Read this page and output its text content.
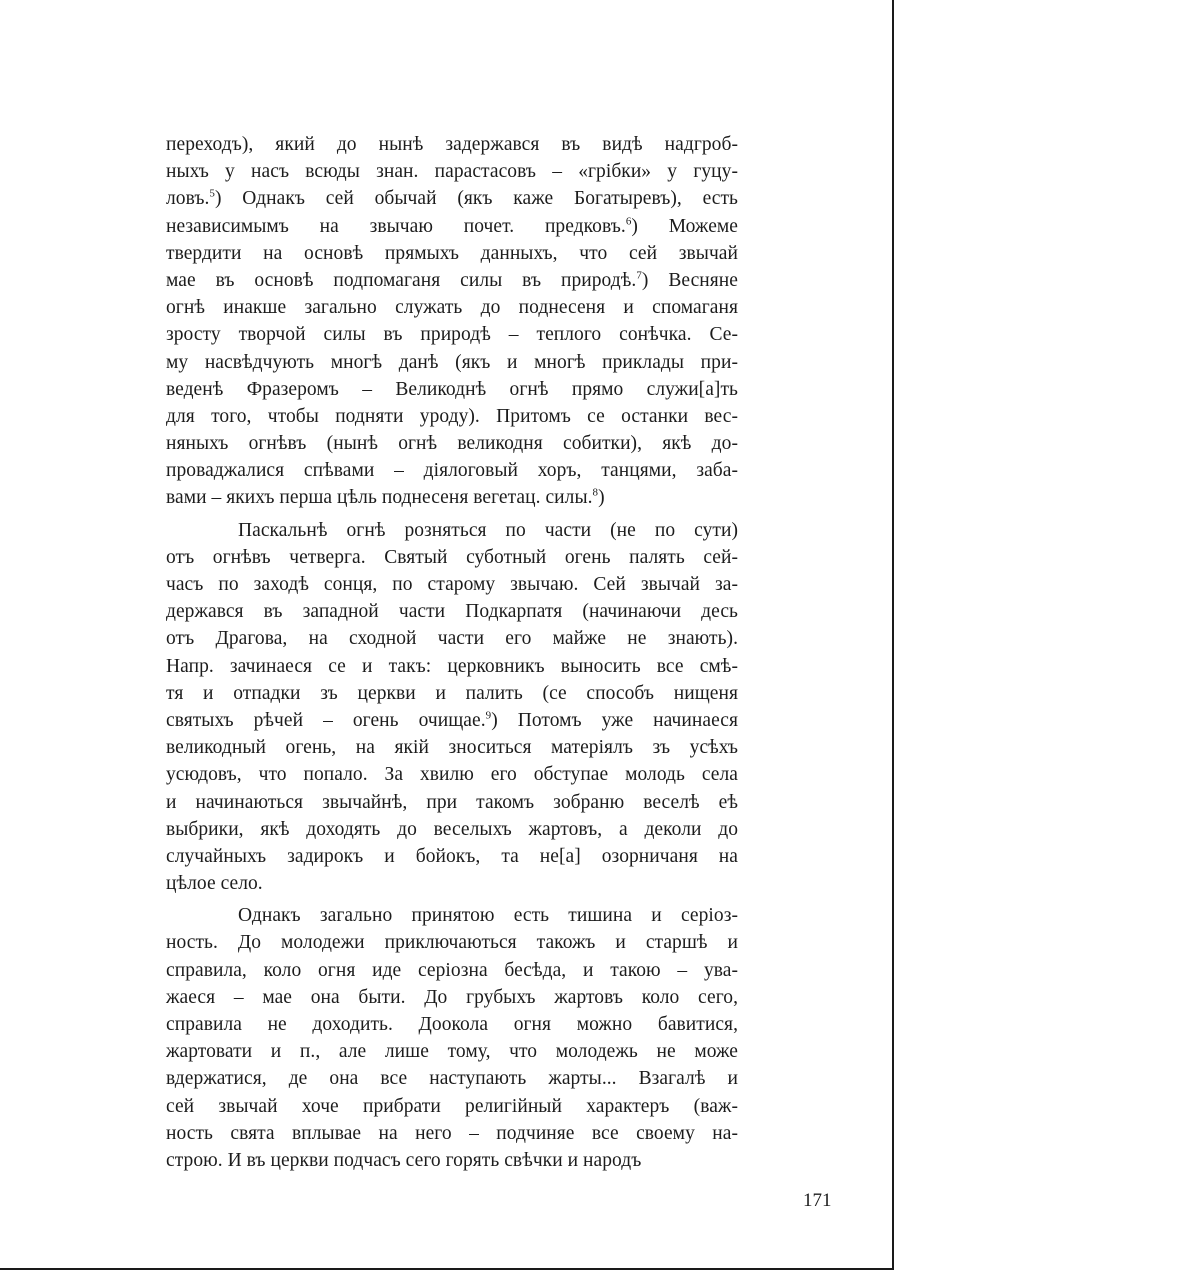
переходъ), який до нынѣ задержався въ видѣ надгроб-
ныхъ у насъ всюды знан. парастасовъ – «грібки» у гуцу-
ловъ.$^5$) Однакъ сей обычай (якъ каже Богатыревъ), есть
независимымъ на звычаю почет. предковъ.$^6$) Можеме
твердити на основѣ прямыхъ данныхъ, что сей звычай
мае въ основѣ подпомаганя силы въ природѣ.$^7$) Весняне
огнѣ инакше загально служать до поднесеня и спомаганя
зросту творчой силы въ природѣ – теплого сонѣчка. Се-
му насвѣдчують многѣ данѣ (якъ и многѣ приклады при-
веденѣ Фразеромъ – Великоднѣ огнѣ прямо служи[а]ть
для того, чтобы подняти уроду). Притомъ се останки вес-
няныхъ огнѣвъ (нынѣ огнѣ великодня собитки), якѣ до-
проваджалися спѣвами – діялоговый хоръ, танцями, забa-
вами – якихъ перша цѣль поднесеня вегетац. силы.$^8$)
Паскальнѣ огнѣ розняться по части (не по сути)
отъ огнѣвъ четверга. Святый суботный огень палять сей-
часъ по заходѣ сонця, по старому звычаю. Сей звычай за-
держався въ западной части Подкарпатя (начинаючи десь
отъ Драгова, на сходной части его майже не знають).
Напр. зачинаеся се и такъ: церковникъ выносить все смѣ-
тя и отпадки зъ церкви и палить (се способъ нищеня
святыхъ рѣчей – огень очищае.$^9$) Потомъ уже начинаеся
великодный огень, на якій зноситься матеріялъ зъ усѣхъ
усюдовъ, что попало. За хвилю его обступае молодь села
и начинаються звычайнѣ, при такомъ зобраню веселѣ еѣ
выбрики, якѣ доходять до веселыхъ жартовъ, а деколи до
случайныхъ задирокъ и бойокъ, та не[а] озорничаня на
цѣлое село.
Однакъ загально принятою есть тишина и серіоз-
ность. До молодежи приключаються такожъ и старшѣ и
справила, коло огня иде серіозна бесѣда, и такою – ува-
жаеся – мае она быти. До грубыхъ жартовъ коло сего,
справила не доходить. Доокола огня можно бавитися,
жартовати и п., але лише тому, что молодежь не може
вдержатися, де она все наступають жарты... Взагалѣ и
сей звычай хоче прибрати религійный характеръ (важ-
ность свята вплывае на него – подчиняе все своему на-
строю. И въ церкви подчасъ сего горять свѣчки и народъ
171
